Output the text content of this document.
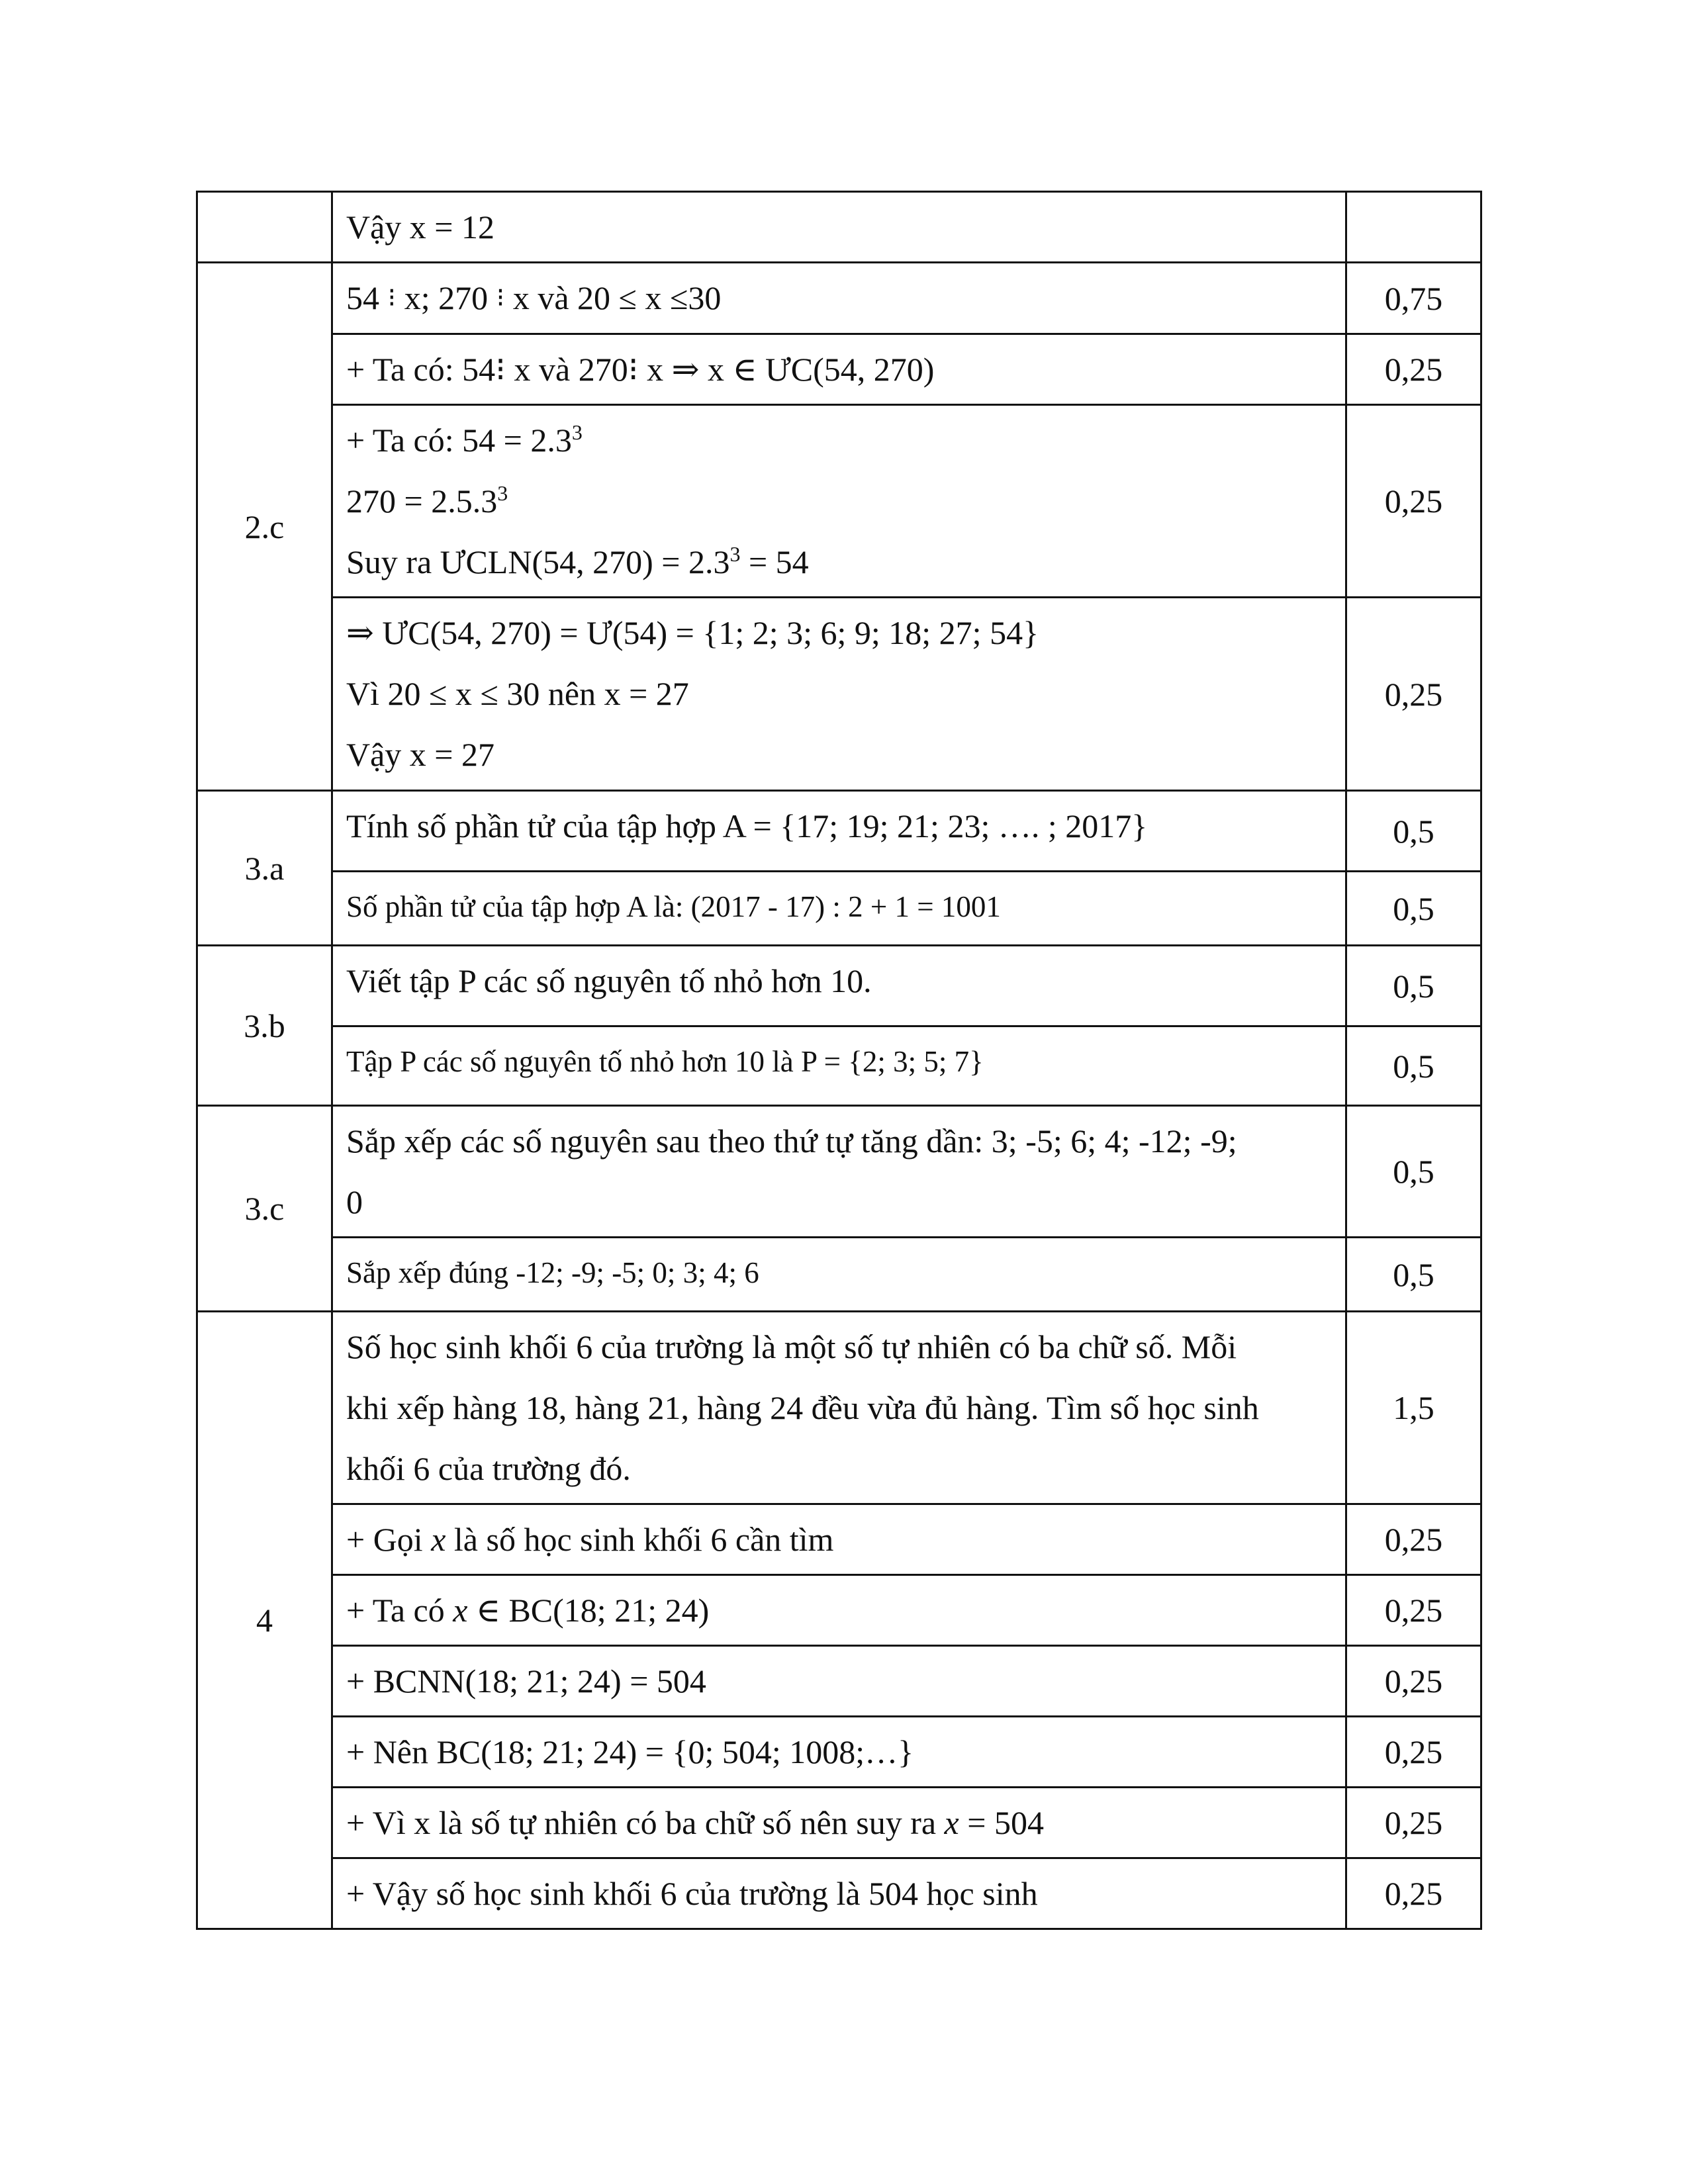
	Vậy x = 12	

2.c	54 ⁝ x; 270 ⁝ x và 20 ≤ x ≤30	0,75

	+ Ta có: 54⁝ x và 270⁝ x ⇒ x ∈ ƯC(54, 270)	0,25

	+ Ta có: $54 = 2.3^3$
$270 = 2.5.3^3$
Suy ra ƯCLN(54, $270) = 2.3^3 = 54$	0,25

	⇒ ƯC(54, 270) = Ư(54) = {1; 2; 3; 6; 9; 18; 27; 54}
Vì 20 ≤ x ≤ 30 nên x = 27
Vậy x = 27	0,25
3.a	Tính số phần tử của tập hợp A = {17; 19; 21; 23; …. ; 2017}	0,5

	Số phần tử của tập hợp A là: (2017 - 17) : 2 + 1 = 1001	0,5
3.b	Viết tập P các số nguyên tố nhỏ hơn 10.	0,5

	Tập P các số nguyên tố nhỏ hơn 10 là P = {2; 3; 5; 7}	0,5
3.c	Sắp xếp các số nguyên sau theo thứ tự tăng dần: 3; -5; 6; 4; -12; -9;
0	0,5

	Sắp xếp đúng -12; -9; -5; 0; 3; 4; 6	0,5
4	Số học sinh khối 6 của trường là một số tự nhiên có ba chữ số. Mỗi
khi xếp hàng 18, hàng 21, hàng 24 đều vừa đủ hàng. Tìm số học sinh
khối 6 của trường đó.	1,5

	+ Gọi x là số học sinh khối 6 cần tìm	0,25

	+ Ta có x ∈ BC(18; 21; 24)	0,25

	+ BCNN(18; 21; 24) = 504	0,25

	+ Nên BC(18; 21; 24) = {0; 504; 1008;…}	0,25

	+ Vì x là số tự nhiên có ba chữ số nên suy ra x = 504	0,25

	+ Vậy số học sinh khối 6 của trường là 504 học sinh	0,25
